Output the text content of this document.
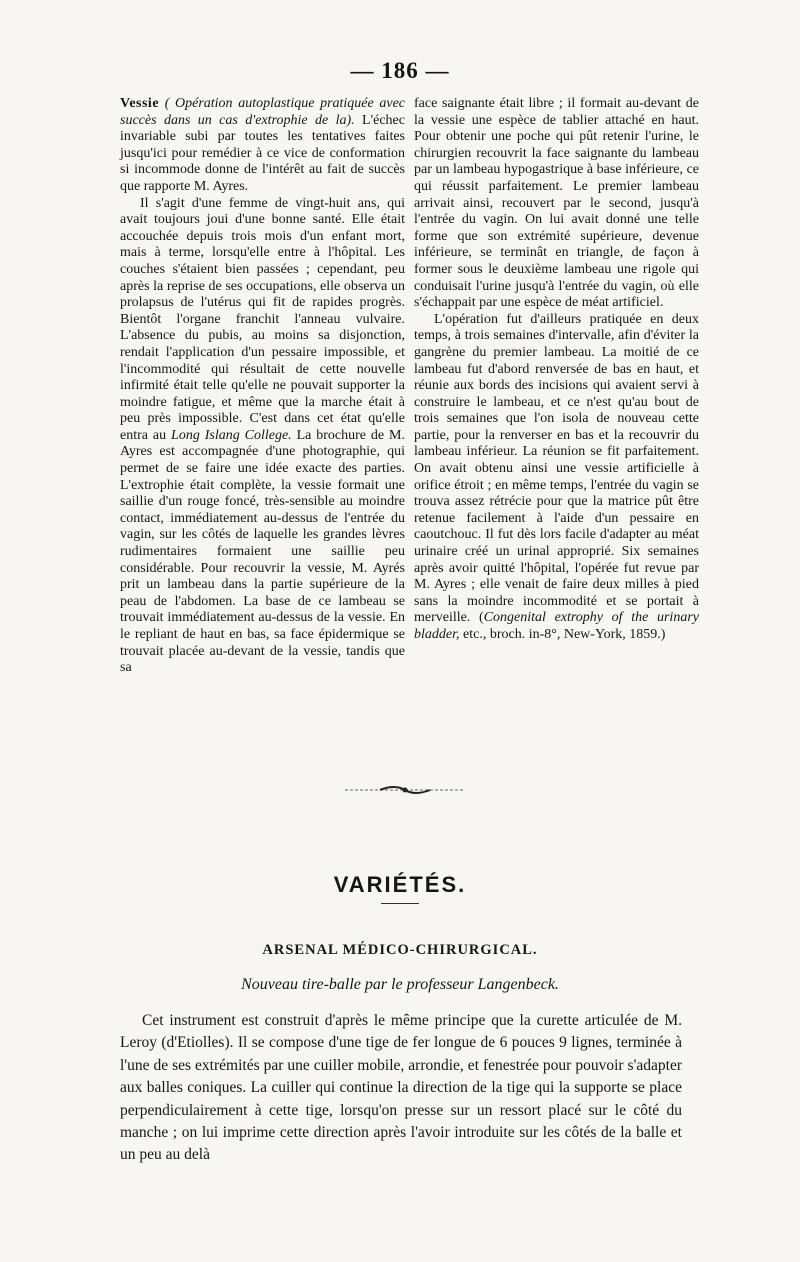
— 186 —

Vessie ( Opération autoplastique pratiquée avec succès dans un cas d'extrophie de la). L'échec invariable subi par toutes les tentatives faites jusqu'ici pour remédier à ce vice de conformation si incommode donne de l'intérêt au fait de succès que rapporte M. Ayres.

Il s'agit d'une femme de vingt-huit ans, qui avait toujours joui d'une bonne santé. Elle était accouchée depuis trois mois d'un enfant mort, mais à terme, lorsqu'elle entre à l'hôpital. Les couches s'étaient bien passées ; cependant, peu après la reprise de ses occupations, elle observa un prolapsus de l'utérus qui fit de rapides progrès. Bientôt l'organe franchit l'anneau vulvaire. L'absence du pubis, au moins sa disjonction, rendait l'application d'un pessaire impossible, et l'incommodité qui résultait de cette nouvelle infirmité était telle qu'elle ne pouvait supporter la moindre fatigue, et même que la marche était à peu près impossible. C'est dans cet état qu'elle entra au Long Islang College. La brochure de M. Ayres est accompagnée d'une photographie, qui permet de se faire une idée exacte des parties. L'extrophie était complète, la vessie formait une saillie d'un rouge foncé, très-sensible au moindre contact, immédiatement au-dessus de l'entrée du vagin, sur les côtés de laquelle les grandes lèvres rudimentaires formaient une saillie peu considérable. Pour recouvrir la vessie, M. Ayrés prit un lambeau dans la partie supérieure de la peau de l'abdomen. La base de ce lambeau se trouvait immédiatement au-dessus de la vessie. En le repliant de haut en bas, sa face épidermique se trouvait placée au-devant de la vessie, tandis que sa

face saignante était libre ; il formait au-devant de la vessie une espèce de tablier attaché en haut. Pour obtenir une poche qui pût retenir l'urine, le chirurgien recouvrit la face saignante du lambeau par un lambeau hypogastrique à base inférieure, ce qui réussit parfaitement. Le premier lambeau arrivait ainsi, recouvert par le second, jusqu'à l'entrée du vagin. On lui avait donné une telle forme que son extrémité supérieure, devenue inférieure, se terminât en triangle, de façon à former sous le deuxième lambeau une rigole qui conduisait l'urine jusqu'à l'entrée du vagin, où elle s'échappait par une espèce de méat artificiel.

L'opération fut d'ailleurs pratiquée en deux temps, à trois semaines d'intervalle, afin d'éviter la gangrène du premier lambeau. La moitié de ce lambeau fut d'abord renversée de bas en haut, et réunie aux bords des incisions qui avaient servi à construire le lambeau, et ce n'est qu'au bout de trois semaines que l'on isola de nouveau cette partie, pour la renverser en bas et la recouvrir du lambeau inférieur. La réunion se fit parfaitement. On avait obtenu ainsi une vessie artificielle à orifice étroit ; en même temps, l'entrée du vagin se trouva assez rétrécie pour que la matrice pût être retenue facilement à l'aide d'un pessaire en caoutchouc. Il fut dès lors facile d'adapter au méat urinaire créé un urinal approprié. Six semaines après avoir quitté l'hôpital, l'opérée fut revue par M. Ayres ; elle venait de faire deux milles à pied sans la moindre incommodité et se portait à merveille. (Congenital extrophy of the urinary bladder, etc., broch. in-8°, New-York, 1859.)

VARIÉTÉS.
ARSENAL MÉDICO-CHIRURGICAL.
Nouveau tire-balle par le professeur Langenbeck.

Cet instrument est construit d'après le même principe que la curette articulée de M. Leroy (d'Etiolles). Il se compose d'une tige de fer longue de 6 pouces 9 lignes, terminée à l'une de ses extrémités par une cuiller mobile, arrondie, et fenestrée pour pouvoir s'adapter aux balles coniques. La cuiller qui continue la direction de la tige qui la supporte se place perpendiculairement à cette tige, lorsqu'on presse sur un ressort placé sur le côté du manche ; on lui imprime cette direction après l'avoir introduite sur les côtés de la balle et un peu au delà
